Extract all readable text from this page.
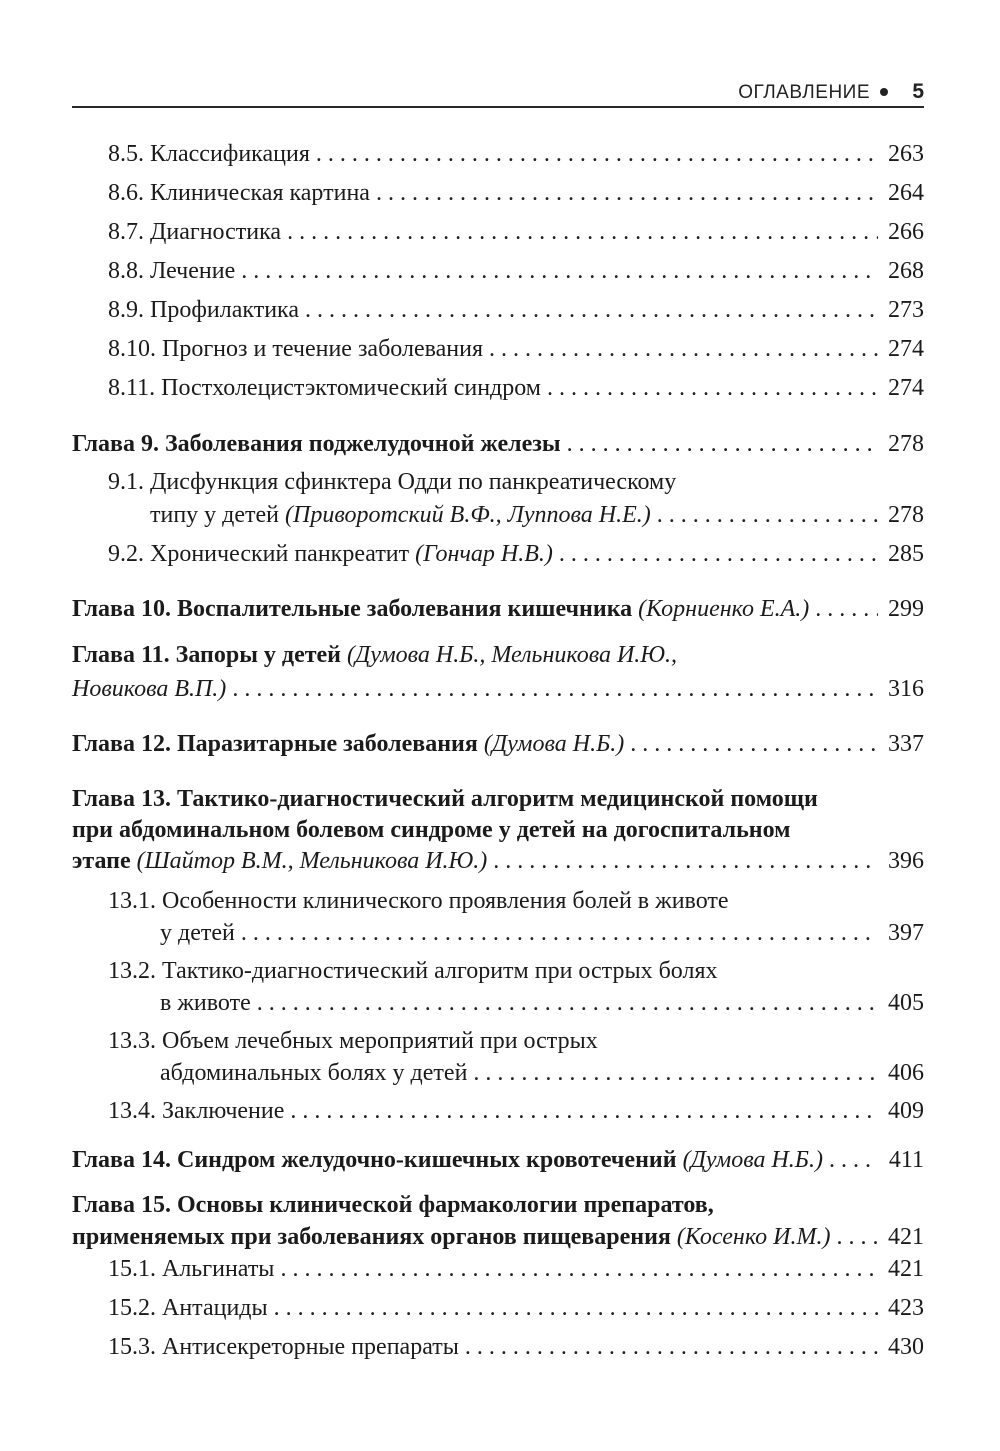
ОГЛАВЛЕНИЕ 5
8.5. Классификация . . .	263
8.6. Клиническая картина . . .	264
8.7. Диагностика . . .	266
8.8. Лечение . . .	268
8.9. Профилактика . . .	273
8.10. Прогноз и течение заболевания . . .	274
8.11. Постхолецистэктомический синдром . . .	274
Глава 9. Заболевания поджелудочной железы . . .	278
9.1. Дисфункция сфинктера Одди по панкреатическому
типу у детей (Приворотский В.Ф., Луппова Н.Е.) . . .	278
9.2. Хронический панкреатит (Гончар Н.В.) . . .	285
Глава 10. Воспалительные заболевания кишечника (Корниенко Е.А.) . . .	299
Глава 11. Запоры у детей (Думова Н.Б., Мельникова И.Ю.,
Новикова В.П.) . . .	316
Глава 12. Паразитарные заболевания (Думова Н.Б.) . . .	337
Глава 13. Тактико-диагностический алгоритм медицинской помощи
при абдоминальном болевом синдроме у детей на догоспитальном
этапе (Шайтор В.М., Мельникова И.Ю.) . . .	396
13.1. Особенности клинического проявления болей в животе
у детей . . .	397
13.2. Тактико-диагностический алгоритм при острых болях
в животе . . .	405
13.3. Объем лечебных мероприятий при острых
абдоминальных болях у детей . . .	406
13.4. Заключение . . .	409
Глава 14. Синдром желудочно-кишечных кровотечений (Думова Н.Б.) . . .	411
Глава 15. Основы клинической фармакологии препаратов,
применяемых при заболеваниях органов пищеварения (Косенко И.М.) . . . 421
15.1. Альгинаты . . .	421
15.2. Антациды . . .	423
15.3. Антисекреторные препараты . . .	430
